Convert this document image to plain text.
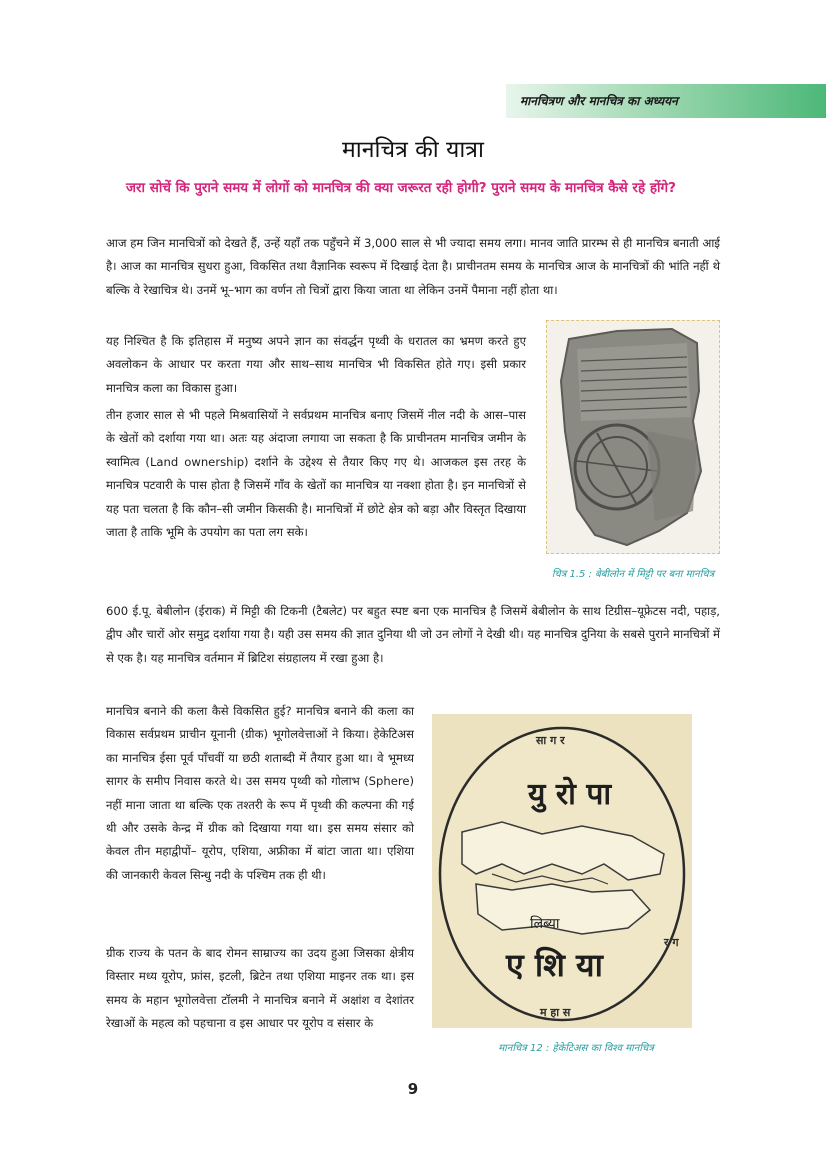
मानचित्रण और मानचित्र का अध्ययन
मानचित्र की यात्रा
जरा सोचें कि पुराने समय में लोगों को मानचित्र की क्या जरूरत रही होगी? पुराने समय के मानचित्र कैसे रहे होंगे?

आज हम जिन मानचित्रों को देखते हैं, उन्हें यहाँ तक पहुँचने में 3,000 साल से भी ज्यादा समय लगा। मानव जाति प्रारम्भ से ही मानचित्र बनाती आई है। आज का मानचित्र सुधरा हुआ, विकसित तथा वैज्ञानिक स्वरूप में दिखाई देता है। प्राचीनतम समय के मानचित्र आज के मानचित्रों की भांति नहीं थे बल्कि वे रेखाचित्र थे। उनमें भू–भाग का वर्णन तो चित्रों द्वारा किया जाता था लेकिन उनमें पैमाना नहीं होता था।

यह निश्चित है कि इतिहास में मनुष्य अपने ज्ञान का संवर्द्धन पृथ्वी के धरातल का भ्रमण करते हुए अवलोकन के आधार पर करता गया और साथ–साथ मानचित्र भी विकसित होते गए। इसी प्रकार मानचित्र कला का विकास हुआ।

तीन हजार साल से भी पहले मिश्रवासियों ने सर्वप्रथम मानचित्र बनाए जिसमें नील नदी के आस–पास के खेतों को दर्शाया गया था। अतः यह अंदाजा लगाया जा सकता है कि प्राचीनतम मानचित्र जमीन के स्वामित्व (Land ownership) दर्शाने के उद्देश्य से तैयार किए गए थे। आजकल इस तरह के मानचित्र पटवारी के पास होता है जिसमें गाँव के खेतों का मानचित्र या नक्शा होता है। इन मानचित्रों से यह पता चलता है कि कौन–सी जमीन किसकी है। मानचित्रों में छोटे क्षेत्र को बड़ा और विस्तृत दिखाया जाता है ताकि भूमि के उपयोग का पता लग सके।

चित्र 1.5 : बेबीलोन में मिट्टी पर बना मानचित्र

600 ई.पू. बेबीलोन (ईराक) में मिट्टी की टिकनी (टैबलेट) पर बहुत स्पष्ट बना एक मानचित्र है जिसमें बेबीलोन के साथ टिग्रीस–यूफ्रेटस नदी, पहाड़, द्वीप और चारों ओर समुद्र दर्शाया गया है। यही उस समय की ज्ञात दुनिया थी जो उन लोगों ने देखी थी। यह मानचित्र दुनिया के सबसे पुराने मानचित्रों में से एक है। यह मानचित्र वर्तमान में ब्रिटिश संग्रहालय में रखा हुआ है।

मानचित्र बनाने की कला कैसे विकसित हुई? मानचित्र बनाने की कला का विकास सर्वप्रथम प्राचीन यूनानी (ग्रीक) भूगोलवेत्ताओं ने किया। हेकेटिअस का मानचित्र ईसा पूर्व पाँचवीं या छठी शताब्दी में तैयार हुआ था। वे भूमध्य सागर के समीप निवास करते थे। उस समय पृथ्वी को गोलाभ (Sphere) नहीं माना जाता था बल्कि एक तश्तरी के रूप में पृथ्वी की कल्पना की गई थी और उसके केन्द्र में ग्रीक को दिखाया गया था। इस समय संसार को केवल तीन महाद्वीपों– यूरोप, एशिया, अफ्रीका में बांटा जाता था। एशिया की जानकारी केवल सिन्धु नदी के पश्चिम तक ही थी।

ग्रीक राज्य के पतन के बाद रोमन साम्राज्य का उदय हुआ जिसका क्षेत्रीय विस्तार मध्य यूरोप, फ्रांस, इटली, ब्रिटेन तथा एशिया माइनर तक था। इस समय के महान भूगोलवेत्ता टॉलमी ने मानचित्र बनाने में अक्षांश व देशांतर रेखाओं के महत्व को पहचाना व इस आधार पर यूरोप व संसार के

यु रो पा
ए शि या
लिब्या
सा ग र
म हा स
र ग
मानचित्र 12 : हेकेटिअस का विश्व मानचित्र
9
